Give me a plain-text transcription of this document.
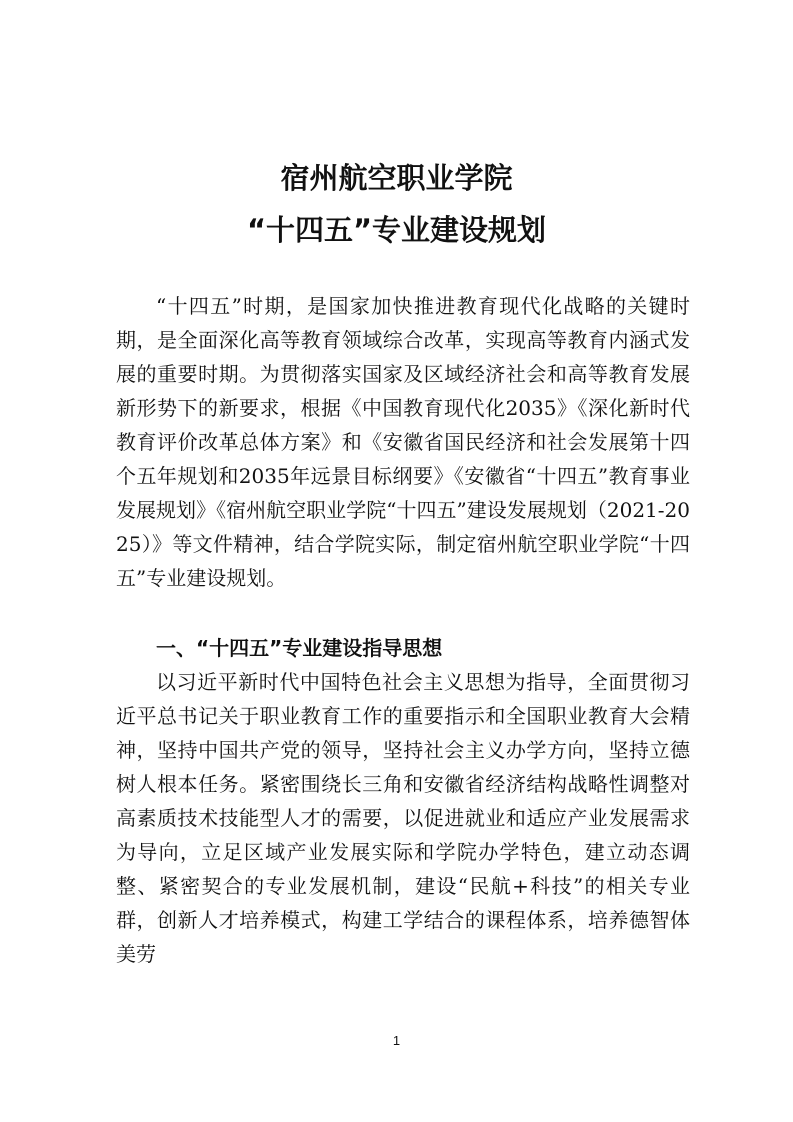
宿州航空职业学院
“十四五”专业建设规划

“十四五”时期，是国家加快推进教育现代化战略的关键时期，是全面深化高等教育领域综合改革，实现高等教育内涵式发展的重要时期。为贯彻落实国家及区域经济社会和高等教育发展新形势下的新要求，根据《中国教育现代化2035》《深化新时代教育评价改革总体方案》和《安徽省国民经济和社会发展第十四个五年规划和2035年远景目标纲要》《安徽省“十四五”教育事业发展规划》《宿州航空职业学院“十四五”建设发展规划（2021-2025）》等文件精神，结合学院实际，制定宿州航空职业学院“十四五”专业建设规划。

一、“十四五”专业建设指导思想

以习近平新时代中国特色社会主义思想为指导，全面贯彻习近平总书记关于职业教育工作的重要指示和全国职业教育大会精神，坚持中国共产党的领导，坚持社会主义办学方向，坚持立德树人根本任务。紧密围绕长三角和安徽省经济结构战略性调整对高素质技术技能型人才的需要，以促进就业和适应产业发展需求为导向，立足区域产业发展实际和学院办学特色，建立动态调整、紧密契合的专业发展机制，建设“民航+科技”的相关专业群，创新人才培养模式，构建工学结合的课程体系，培养德智体美劳

1
